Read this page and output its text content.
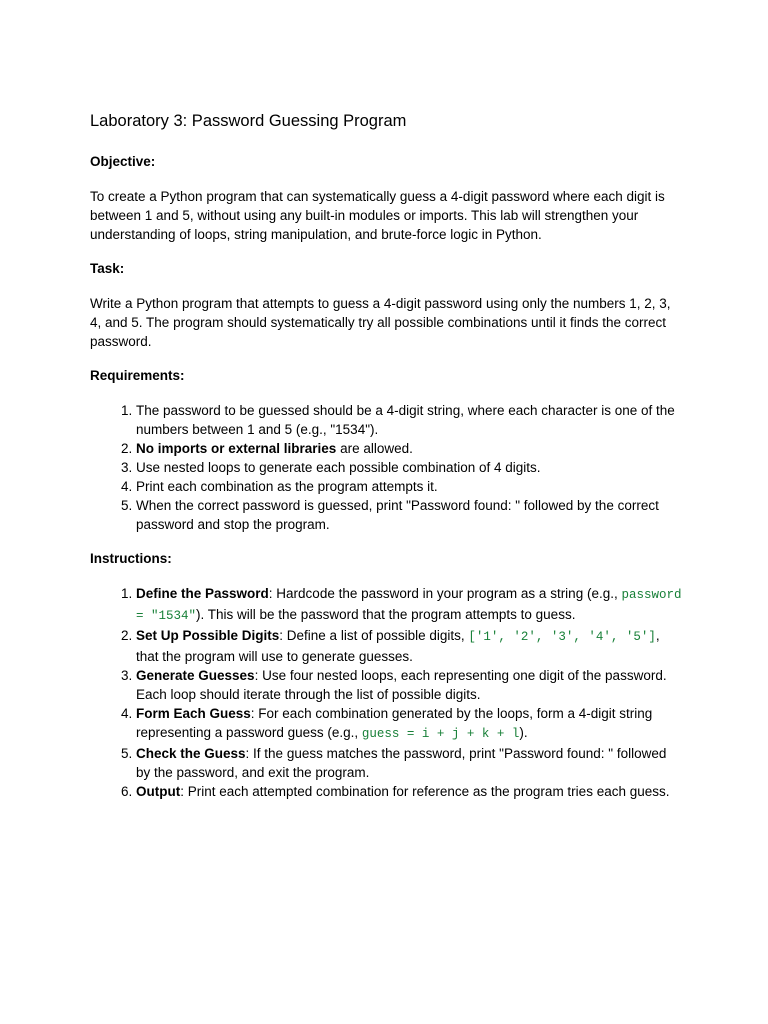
Laboratory 3: Password Guessing Program
Objective:
To create a Python program that can systematically guess a 4-digit password where each digit is between 1 and 5, without using any built-in modules or imports. This lab will strengthen your understanding of loops, string manipulation, and brute-force logic in Python.
Task:
Write a Python program that attempts to guess a 4-digit password using only the numbers 1, 2, 3, 4, and 5. The program should systematically try all possible combinations until it finds the correct password.
Requirements:
1. The password to be guessed should be a 4-digit string, where each character is one of the numbers between 1 and 5 (e.g., "1534").
2. No imports or external libraries are allowed.
3. Use nested loops to generate each possible combination of 4 digits.
4. Print each combination as the program attempts it.
5. When the correct password is guessed, print "Password found: " followed by the correct password and stop the program.
Instructions:
1. Define the Password: Hardcode the password in your program as a string (e.g., password = "1534"). This will be the password that the program attempts to guess.
2. Set Up Possible Digits: Define a list of possible digits, ['1', '2', '3', '4', '5'], that the program will use to generate guesses.
3. Generate Guesses: Use four nested loops, each representing one digit of the password. Each loop should iterate through the list of possible digits.
4. Form Each Guess: For each combination generated by the loops, form a 4-digit string representing a password guess (e.g., guess = i + j + k + l).
5. Check the Guess: If the guess matches the password, print "Password found: " followed by the password, and exit the program.
6. Output: Print each attempted combination for reference as the program tries each guess.
